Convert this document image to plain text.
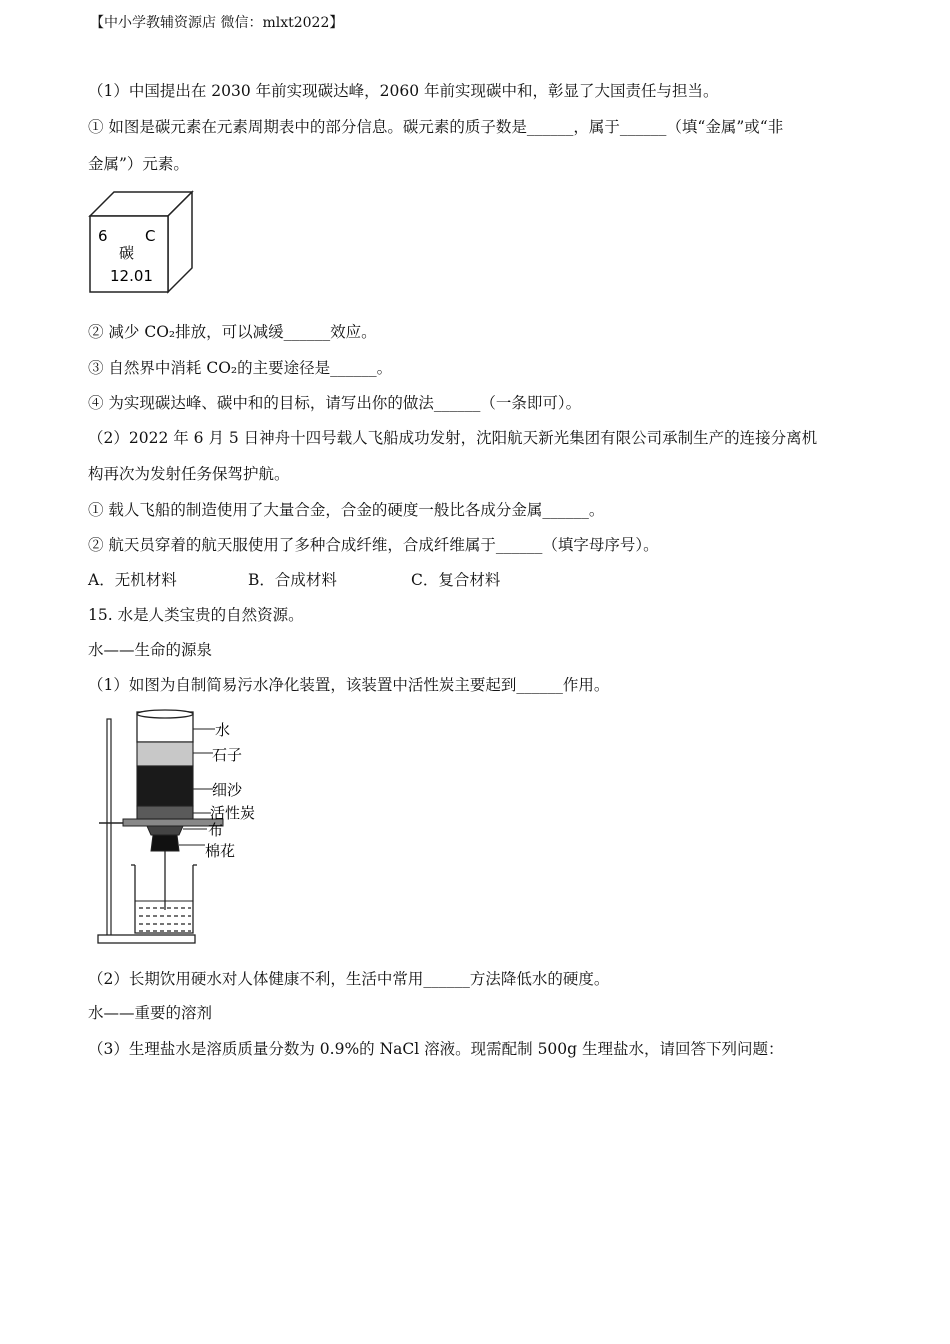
【中小学教辅资源店 微信：mlxt2022】
（1）中国提出在 2030 年前实现碳达峰，2060 年前实现碳中和，彰显了大国责任与担当。
① 如图是碳元素在元素周期表中的部分信息。碳元素的质子数是______，属于______（填“金属”或“非
金属”）元素。
6 C
碳
12.01
② 减少 CO₂排放，可以减缓______效应。
③ 自然界中消耗 CO₂的主要途径是______。
④ 为实现碳达峰、碳中和的目标，请写出你的做法______（一条即可）。
（2）2022 年 6 月 5 日神舟十四号载人飞船成功发射，沈阳航天新光集团有限公司承制生产的连接分离机
构再次为发射任务保驾护航。
① 载人飞船的制造使用了大量合金，合金的硬度一般比各成分金属______。
② 航天员穿着的航天服使用了多种合成纤维，合成纤维属于______（填字母序号）。
A．无机材料	B．合成材料	C．复合材料
15. 水是人类宝贵的自然资源。
水——生命的源泉
（1）如图为自制简易污水净化装置，该装置中活性炭主要起到______作用。
水
石子
细沙
活性炭
布
棉花
（2）长期饮用硬水对人体健康不利，生活中常用______方法降低水的硬度。
水——重要的溶剂
（3）生理盐水是溶质质量分数为 0.9%的 NaCl 溶液。现需配制 500g 生理盐水，请回答下列问题：
